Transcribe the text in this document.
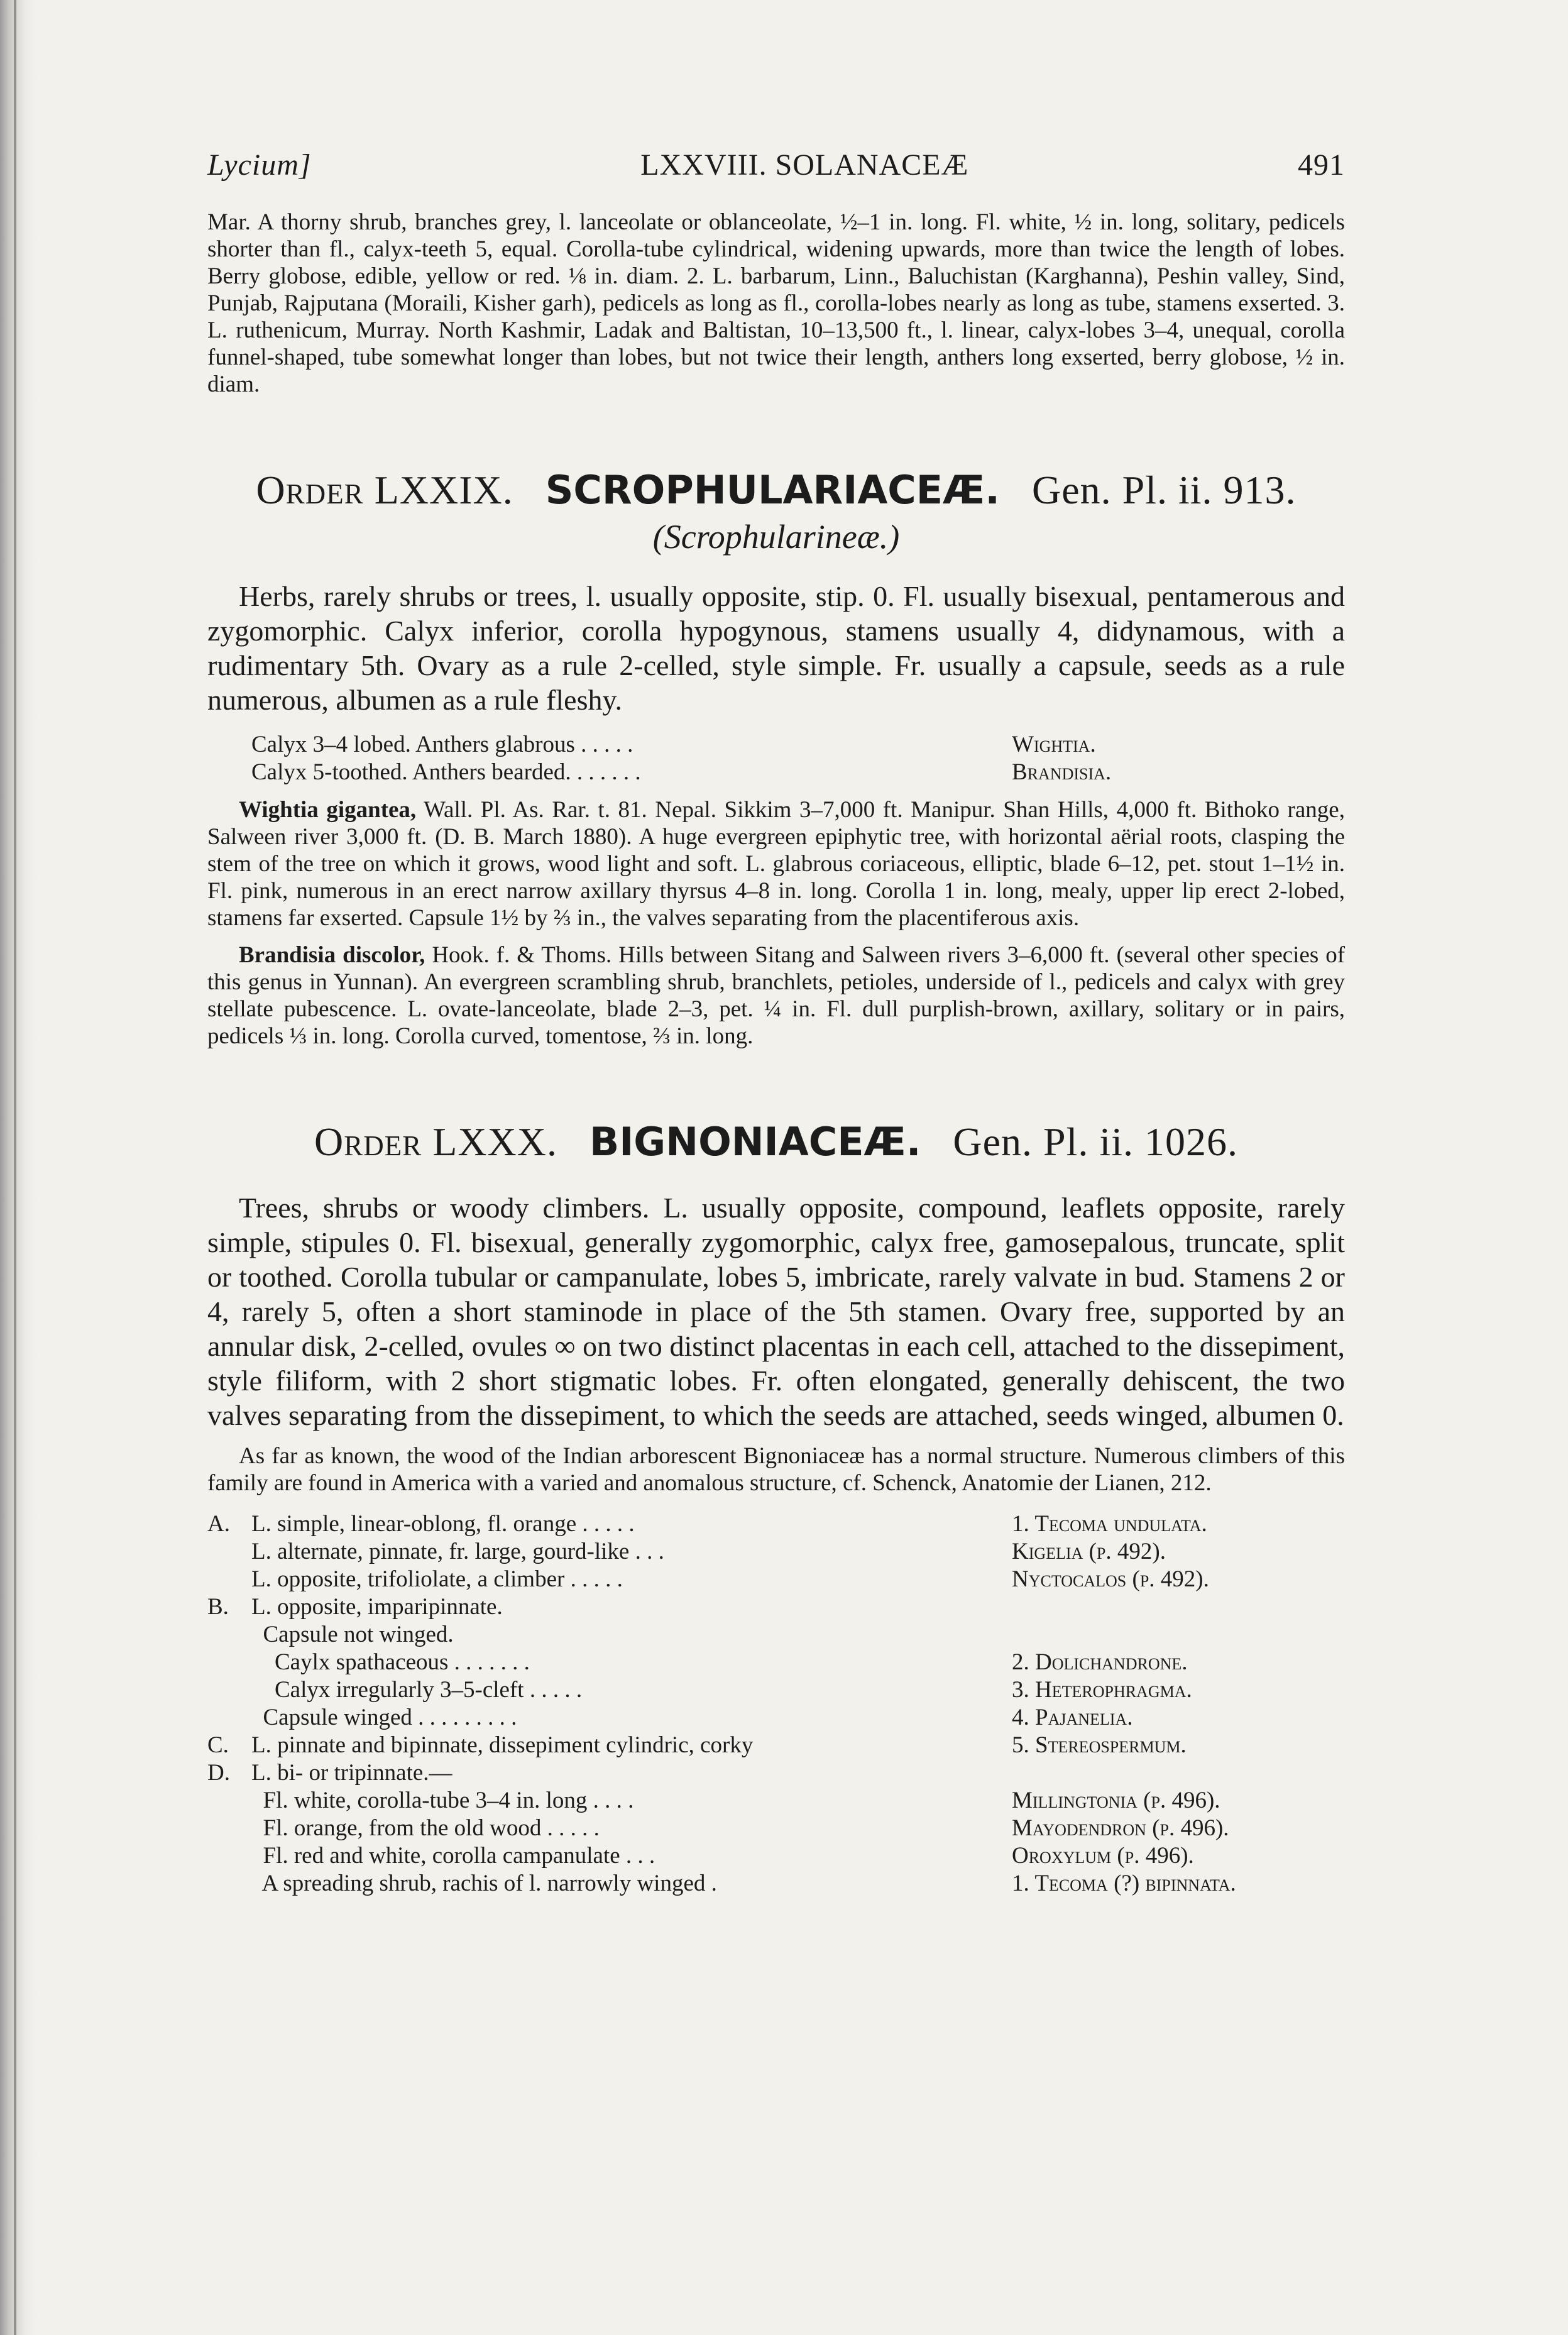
Lycium]	LXXVIII. SOLANACEÆ	491
Mar. A thorny shrub, branches grey, l. lanceolate or oblanceolate, ½–1 in. long. Fl. white, ½ in. long, solitary, pedicels shorter than fl., calyx-teeth 5, equal. Corolla-tube cylindrical, widening upwards, more than twice the length of lobes. Berry globose, edible, yellow or red. ⅛ in. diam. 2. L. barbarum, Linn., Baluchistan (Karghanna), Peshin valley, Sind, Punjab, Rajputana (Moraili, Kisher garh), pedicels as long as fl., corolla-lobes nearly as long as tube, stamens exserted. 3. L. ruthenicum, Murray. North Kashmir, Ladak and Baltistan, 10–13,500 ft., l. linear, calyx-lobes 3–4, unequal, corolla funnel-shaped, tube somewhat longer than lobes, but not twice their length, anthers long exserted, berry globose, ½ in. diam.
Order LXXIX. SCROPHULARIACEÆ. Gen. Pl. ii. 913.
(Scrophularineæ.)
Herbs, rarely shrubs or trees, l. usually opposite, stip. 0. Fl. usually bisexual, pentamerous and zygomorphic. Calyx inferior, corolla hypogynous, stamens usually 4, didynamous, with a rudimentary 5th. Ovary as a rule 2-celled, style simple. Fr. usually a capsule, seeds as a rule numerous, albumen as a rule fleshy.
Calyx 3–4 lobed. Anthers glabrous . . . . .	Wightia.
Calyx 5-toothed. Anthers bearded. . . . . . .	Brandisia.
Wightia gigantea, Wall. Pl. As. Rar. t. 81. Nepal. Sikkim 3–7,000 ft. Manipur. Shan Hills, 4,000 ft. Bithoko range, Salween river 3,000 ft. (D. B. March 1880). A huge evergreen epiphytic tree, with horizontal aërial roots, clasping the stem of the tree on which it grows, wood light and soft. L. glabrous coriaceous, elliptic, blade 6–12, pet. stout 1–1½ in. Fl. pink, numerous in an erect narrow axillary thyrsus 4–8 in. long. Corolla 1 in. long, mealy, upper lip erect 2-lobed, stamens far exserted. Capsule 1½ by ⅔ in., the valves separating from the placentiferous axis.
Brandisia discolor, Hook. f. & Thoms. Hills between Sitang and Salween rivers 3–6,000 ft. (several other species of this genus in Yunnan). An evergreen scrambling shrub, branchlets, petioles, underside of l., pedicels and calyx with grey stellate pubescence. L. ovate-lanceolate, blade 2–3, pet. ¼ in. Fl. dull purplish-brown, axillary, solitary or in pairs, pedicels ⅓ in. long. Corolla curved, tomentose, ⅔ in. long.
Order LXXX. BIGNONIACEÆ. Gen. Pl. ii. 1026.
Trees, shrubs or woody climbers. L. usually opposite, compound, leaflets opposite, rarely simple, stipules 0. Fl. bisexual, generally zygomorphic, calyx free, gamosepalous, truncate, split or toothed. Corolla tubular or campanulate, lobes 5, imbricate, rarely valvate in bud. Stamens 2 or 4, rarely 5, often a short staminode in place of the 5th stamen. Ovary free, supported by an annular disk, 2-celled, ovules ∞ on two distinct placentas in each cell, attached to the dissepiment, style filiform, with 2 short stigmatic lobes. Fr. often elongated, generally dehiscent, the two valves separating from the dissepiment, to which the seeds are attached, seeds winged, albumen 0.
As far as known, the wood of the Indian arborescent Bignoniaceæ has a normal structure. Numerous climbers of this family are found in America with a varied and anomalous structure, cf. Schenck, Anatomie der Lianen, 212.
A. L. simple, linear-oblong, fl. orange . . . . .	1. Tecoma undulata.
L. alternate, pinnate, fr. large, gourd-like . . .	Kigelia (p. 492).
L. opposite, trifoliolate, a climber . . . . .	Nyctocalos (p. 492).
B. L. opposite, imparipinnate.
Capsule not winged.
Caylx spathaceous . . . . . . .	2. Dolichandrone.
Calyx irregularly 3–5-cleft . . . . .	3. Heterophragma.
Capsule winged . . . . . . . . .	4. Pajanelia.
C. L. pinnate and bipinnate, dissepiment cylindric, corky	5. Stereospermum.
D. L. bi- or tripinnate.—
Fl. white, corolla-tube 3–4 in. long . . . .	Millingtonia (p. 496).
Fl. orange, from the old wood . . . . .	Mayodendron (p. 496).
Fl. red and white, corolla campanulate . . .	Oroxylum (p. 496).
A spreading shrub, rachis of l. narrowly winged .	1. Tecoma (?) bipinnata.
